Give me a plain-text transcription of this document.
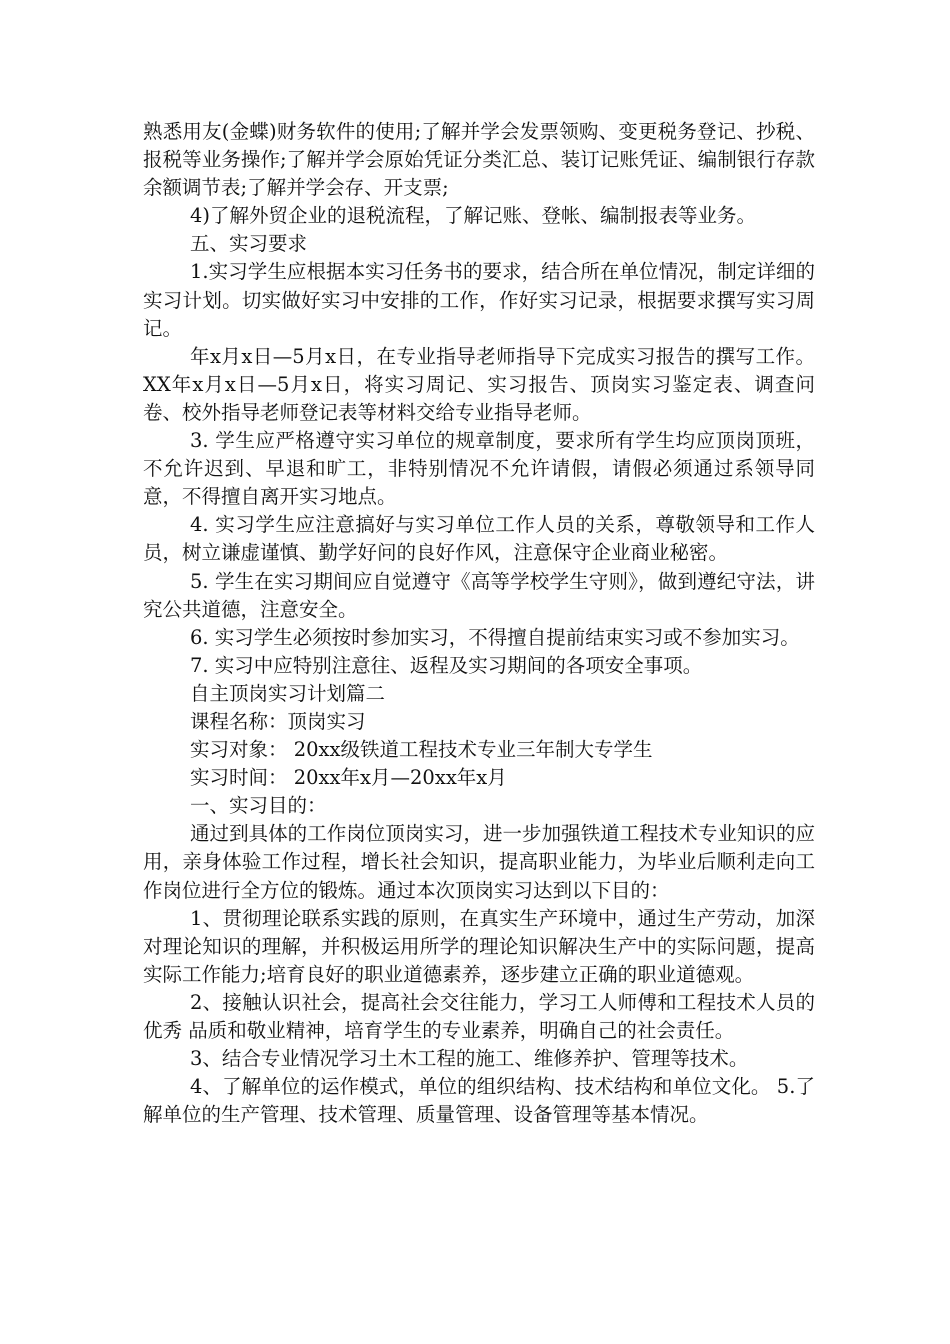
熟悉用友(金蝶)财务软件的使用;了解并学会发票领购、变更税务登记、抄税、报税等业务操作;了解并学会原始凭证分类汇总、装订记账凭证、编制银行存款余额调节表;了解并学会存、开支票;

4)了解外贸企业的退税流程，了解记账、登帐、编制报表等业务。

五、实习要求

1.实习学生应根据本实习任务书的要求，结合所在单位情况，制定详细的实习计划。切实做好实习中安排的工作，作好实习记录，根据要求撰写实习周记。

年x月x日—5月x日，在专业指导老师指导下完成实习报告的撰写工作。XX年x月x日—5月x日，将实习周记、实习报告、顶岗实习鉴定表、调查问卷、校外指导老师登记表等材料交给专业指导老师。

3. 学生应严格遵守实习单位的规章制度，要求所有学生均应顶岗顶班，不允许迟到、早退和旷工，非特别情况不允许请假，请假必须通过系领导同意，不得擅自离开实习地点。

4. 实习学生应注意搞好与实习单位工作人员的关系，尊敬领导和工作人员，树立谦虚谨慎、勤学好问的良好作风，注意保守企业商业秘密。

5. 学生在实习期间应自觉遵守《高等学校学生守则》，做到遵纪守法，讲究公共道德，注意安全。

6. 实习学生必须按时参加实习，不得擅自提前结束实习或不参加实习。

7. 实习中应特别注意往、返程及实习期间的各项安全事项。

自主顶岗实习计划篇二

课程名称：顶岗实习

实习对象： 20xx级铁道工程技术专业三年制大专学生

实习时间： 20xx年x月—20xx年x月

一、实习目的：

通过到具体的工作岗位顶岗实习，进一步加强铁道工程技术专业知识的应用，亲身体验工作过程，增长社会知识，提高职业能力，为毕业后顺利走向工作岗位进行全方位的锻炼。通过本次顶岗实习达到以下目的：

1、贯彻理论联系实践的原则，在真实生产环境中，通过生产劳动，加深对理论知识的理解，并积极运用所学的理论知识解决生产中的实际问题，提高实际工作能力;培育良好的职业道德素养，逐步建立正确的职业道德观。

2、接触认识社会，提高社会交往能力，学习工人师傅和工程技术人员的优秀 品质和敬业精神，培育学生的专业素养，明确自己的社会责任。

3、结合专业情况学习土木工程的施工、维修养护、管理等技术。

4、了解单位的运作模式，单位的组织结构、技术结构和单位文化。 5.了解单位的生产管理、技术管理、质量管理、设备管理等基本情况。
